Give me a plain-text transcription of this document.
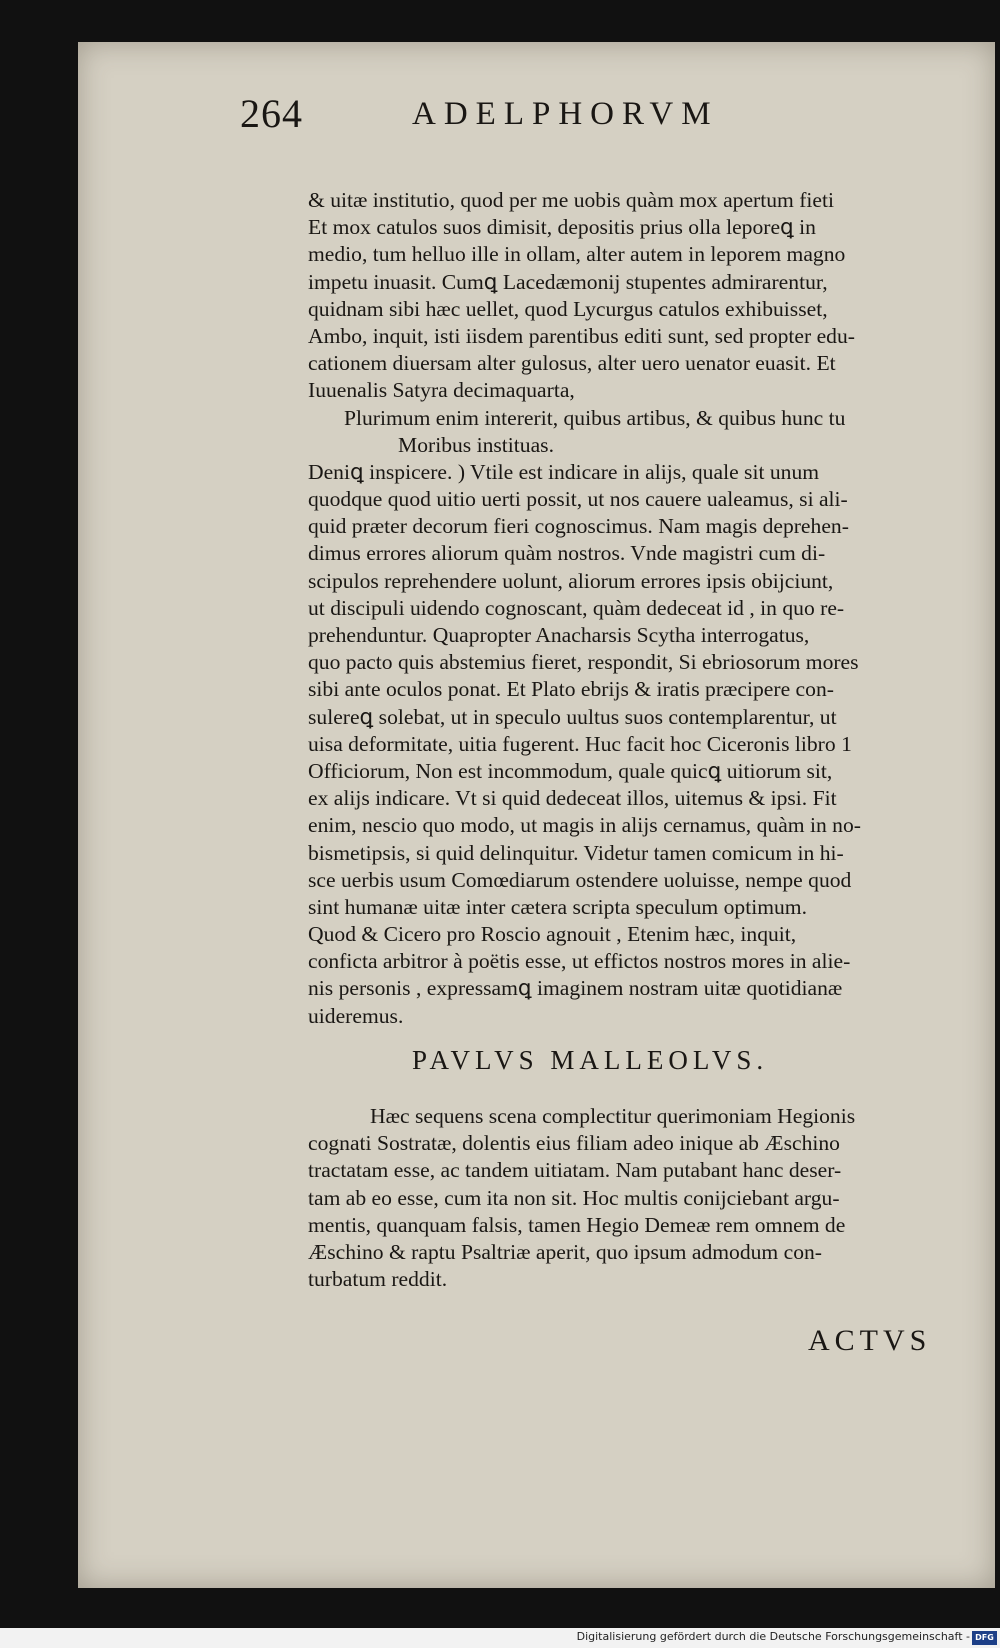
264	ADELPHORVM
& uitæ institutio, quod per me uobis quàm mox apertum fieti
Et mox catulos suos dimisit, depositis prius olla leporeꝗ in
medio, tum helluo ille in ollam, alter autem in leporem magno
impetu inuasit. Cumꝗ Lacedæmonij stupentes admirarentur,
quidnam sibi hæc uellet, quod Lycurgus catulos exhibuisset,
Ambo, inquit, isti iisdem parentibus editi sunt, sed propter edu-
cationem diuersam alter gulosus, alter uero uenator euasit. Et
Iuuenalis Satyra decimaquarta,
Plurimum enim intererit, quibus artibus, & quibus hunc tu
Moribus instituas.
Deniꝗ inspicere. ) Vtile est indicare in alijs, quale sit unum
quodque quod uitio uerti possit, ut nos cauere ualeamus, si ali-
quid præter decorum fieri cognoscimus. Nam magis deprehen-
dimus errores aliorum quàm nostros. Vnde magistri cum di-
scipulos reprehendere uolunt, aliorum errores ipsis obijciunt,
ut discipuli uidendo cognoscant, quàm dedeceat id , in quo re-
prehenduntur. Quapropter Anacharsis Scytha interrogatus,
quo pacto quis abstemius fieret, respondit, Si ebriosorum mores
sibi ante oculos ponat. Et Plato ebrijs & iratis præcipere con-
sulereꝗ solebat, ut in speculo uultus suos contemplarentur, ut
uisa deformitate, uitia fugerent. Huc facit hoc Ciceronis libro 1
Officiorum, Non est incommodum, quale quicꝗ uitiorum sit,
ex alijs indicare. Vt si quid dedeceat illos, uitemus & ipsi. Fit
enim, nescio quo modo, ut magis in alijs cernamus, quàm in no-
bismetipsis, si quid delinquitur. Videtur tamen comicum in hi-
sce uerbis usum Comœdiarum ostendere uoluisse, nempe quod
sint humanæ uitæ inter cætera scripta speculum optimum.
Quod & Cicero pro Roscio agnouit , Etenim hæc, inquit,
conficta arbitror à poëtis esse, ut effictos nostros mores in alie-
nis personis , expressamꝗ imaginem nostram uitæ quotidianæ
uideremus.
PAVLVS MALLEOLVS.
Hæc sequens scena complectitur querimoniam Hegionis
cognati Sostratæ, dolentis eius filiam adeo inique ab Æschino
tractatam esse, ac tandem uitiatam. Nam putabant hanc deser-
tam ab eo esse, cum ita non sit. Hoc multis conijciebant argu-
mentis, quanquam falsis, tamen Hegio Demeæ rem omnem de
Æschino & raptu Psaltriæ aperit, quo ipsum admodum con-
turbatum reddit.
ACTVS
Digitalisierung gefördert durch die Deutsche Forschungsgemeinschaft - DFG
